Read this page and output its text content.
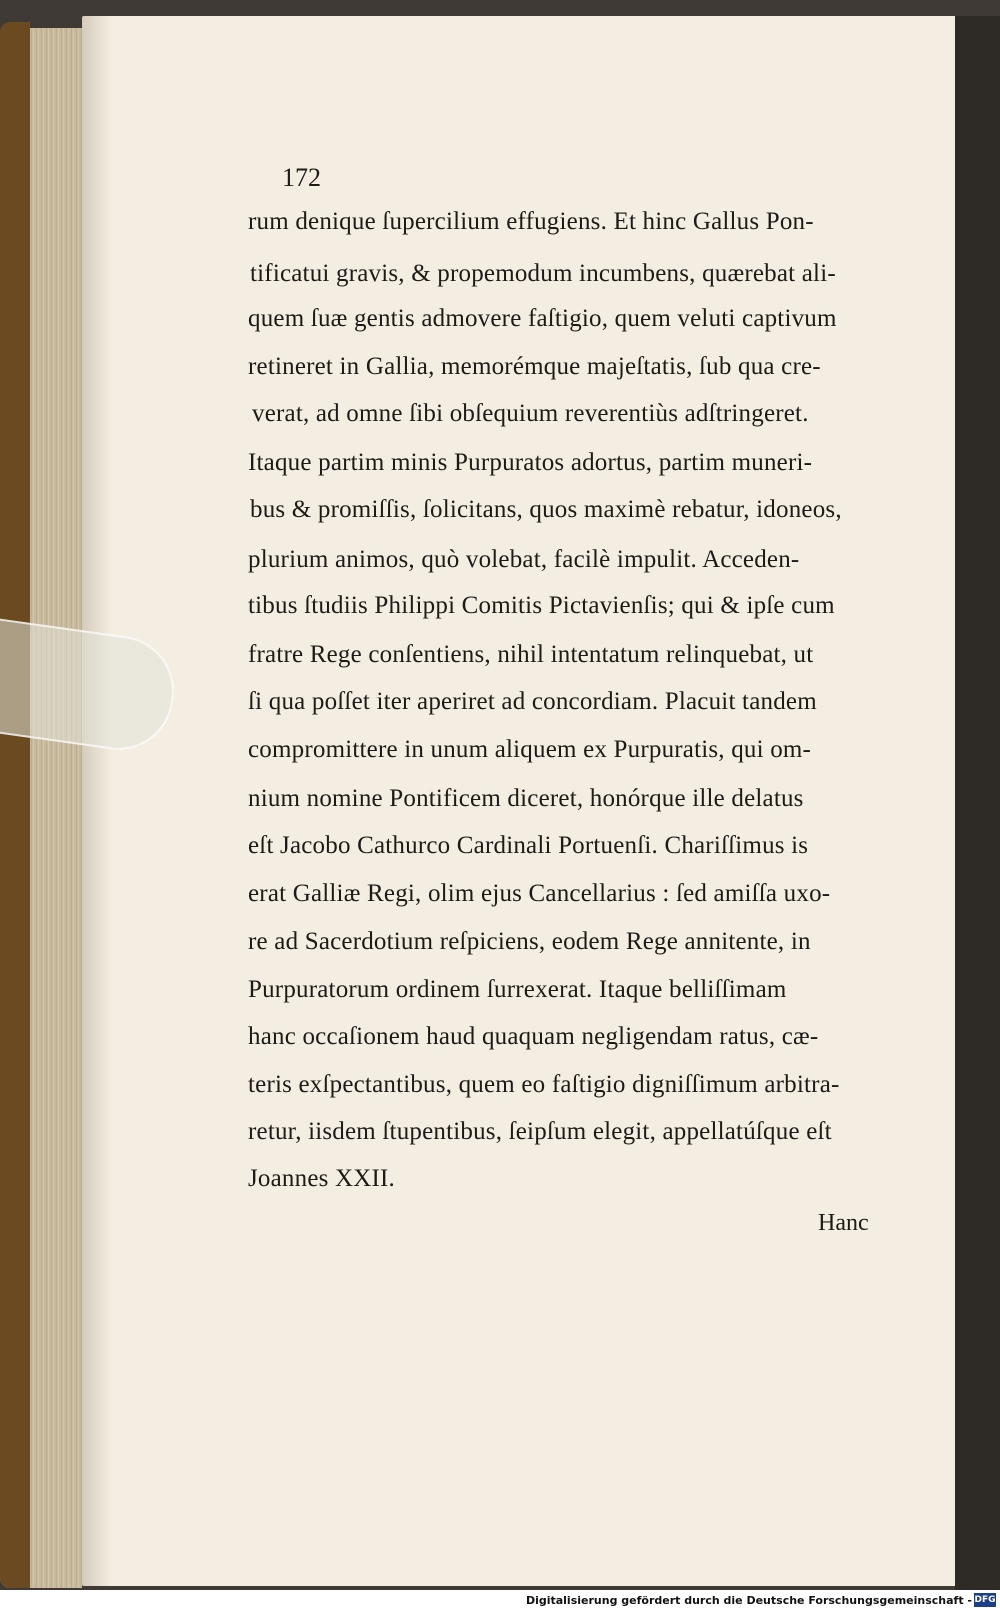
172
rum denique ſupercilium effugiens. Et hinc Gallus Pon-
tificatui gravis, & propemodum incumbens, quærebat ali-
quem ſuæ gentis admovere faſtigio, quem veluti captivum
retineret in Gallia, memorémque majeſtatis, ſub qua cre-
verat, ad omne ſibi obſequium reverentiùs adſtringeret.
Itaque partim minis Purpuratos adortus, partim muneri-
bus & promiſſis, ſolicitans, quos maximè rebatur, idoneos,
plurium animos, quò volebat, facilè impulit. Acceden-
tibus ſtudiis Philippi Comitis Pictavienſis; qui & ipſe cum
fratre Rege conſentiens, nihil intentatum relinquebat, ut
ſi qua poſſet iter aperiret ad concordiam. Placuit tandem
compromittere in unum aliquem ex Purpuratis, qui om-
nium nomine Pontificem diceret, honórque ille delatus
eſt Jacobo Cathurco Cardinali Portuenſi. Chariſſimus is
erat Galliæ Regi, olim ejus Cancellarius : ſed amiſſa uxo-
re ad Sacerdotium reſpiciens, eodem Rege annitente, in
Purpuratorum ordinem ſurrexerat. Itaque belliſſimam
hanc occaſionem haud quaquam negligendam ratus, cæ-
teris exſpectantibus, quem eo faſtigio digniſſimum arbitra-
retur, iisdem ſtupentibus, ſeipſum elegit, appellatúſque eſt
Joannes XXII.
Hanc
Digitalisierung gefördert durch die Deutsche Forschungsgemeinschaft - DFG
